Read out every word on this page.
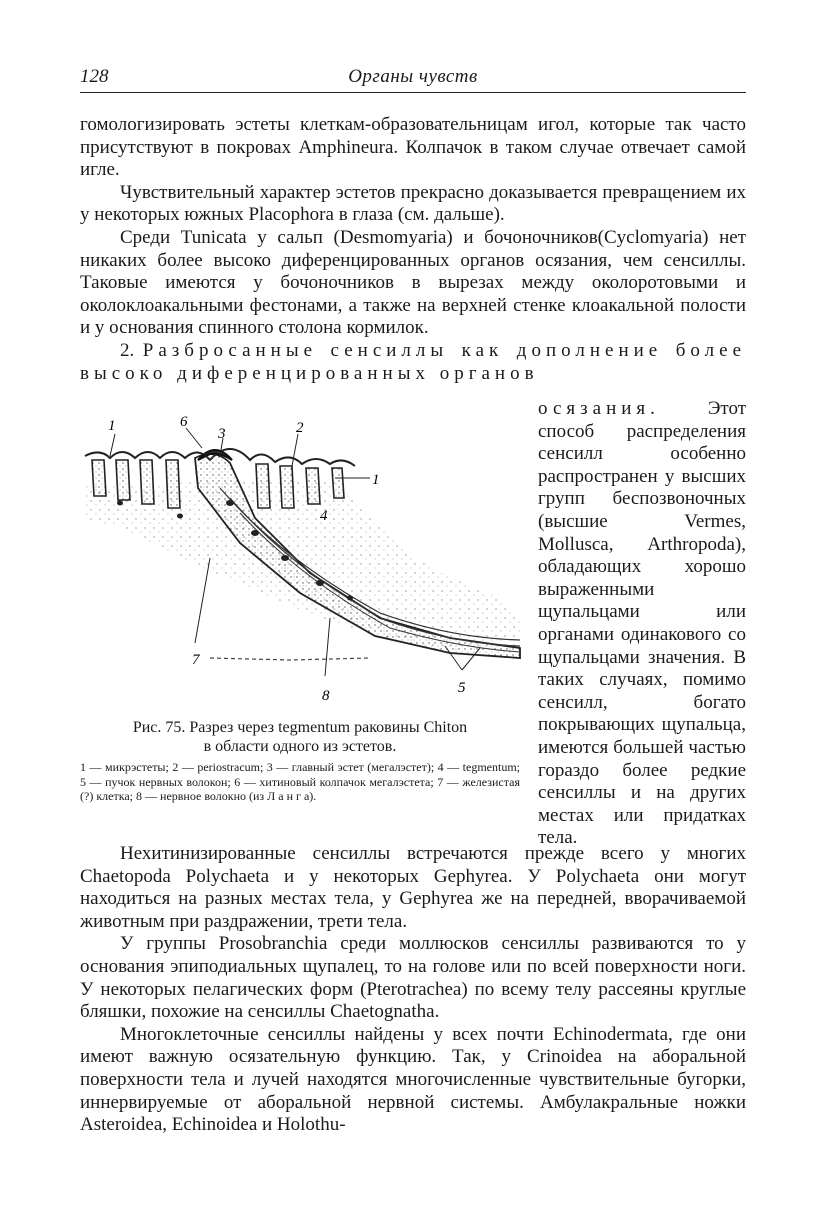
128	Органы чувств

гомологизировать эстеты клеткам-образовательницам игол, которые так часто присутствуют в покровах Amphineura. Колпачок в таком случае отвечает самой игле.

Чувствительный характер эстетов прекрасно доказывается превращением их у некоторых южных Placophora в глаза (см. дальше).

Среди Tunicata у сальп (Desmomyaria) и бочоночников(Cyclomyaria) нет никаких более высоко диференцированных органов осязания, чем сенсиллы. Таковые имеются у бочоночников в вырезах между околоротовыми и околоклоакальными фестонами, а также на верхней стенке клоакальной полости и у основания спинного столона кормилок.

2. Разбросанные сенсиллы как дополнение более высоко диференцированных органов

1	6
3	2
1
4
7
8	5
Рис. 75. Разрез через tegmentum раковины Chiton
в области одного из эстетов.
1 — микрэстеты; 2 — periostracum; 3 — главный эстет (мегалэстет); 4 — tegmentum; 5 — пучок нервных волокон; 6 — хитиновый колпачок мегалэстета; 7 — железистая (?) клетка; 8 — нервное волокно (из Л а н г а).
осязания.	Этот способ распределения сенсилл особенно распространен у высших групп беспозвоночных (высшие Vermes, Mollusca, Arthropoda), обладающих хорошо выраженными щупальцами или органами одинакового со щупальцами значения. В таких случаях, помимо сенсилл, богато покрывающих щупальца, имеются большей частью гораздо более редкие сенсиллы и на других местах или придатках тела.

Нехитинизированные сенсиллы встречаются прежде всего у многих Chaetopoda Polychaeta и у некоторых Gephyrea. У Polychaeta они могут находиться на разных местах тела, у Gephyrea же на передней, вворачиваемой животным при раздражении, трети тела.

У группы Prosobranchia среди моллюсков сенсиллы развиваются то у основания эпиподиальных щупалец, то на голове или по всей поверхности ноги. У некоторых пелагических форм (Pterotrachea) по всему телу рассеяны круглые бляшки, похожие на сенсиллы Chaetognatha.

Многоклеточные сенсиллы найдены у всех почти Echinodermata, где они имеют важную осязательную функцию. Так, у Crinoidea на аборальной поверхности тела и лучей находятся многочисленные чувствительные бугорки, иннервируемые от аборальной нервной системы. Амбулакральные ножки Asteroidea, Echinoidea и Holothu-
